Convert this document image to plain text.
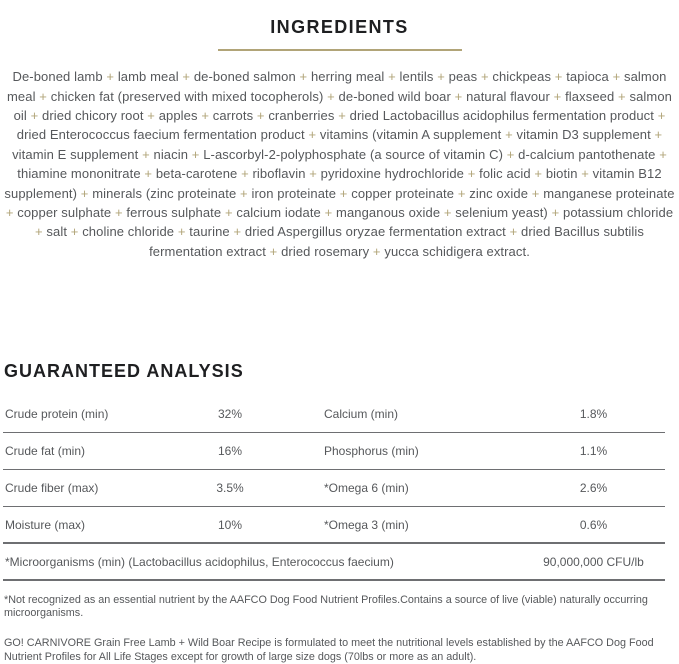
INGREDIENTS

De-boned lamb + lamb meal + de-boned salmon + herring meal + lentils + peas + chickpeas + tapioca + salmon meal + chicken fat (preserved with mixed tocopherols) + de-boned wild boar + natural flavour + flaxseed + salmon oil + dried chicory root + apples + carrots + cranberries + dried Lactobacillus acidophilus fermentation product + dried Enterococcus faecium fermentation product + vitamins (vitamin A supplement + vitamin D3 supplement + vitamin E supplement + niacin + L-ascorbyl-2-polyphosphate (a source of vitamin C) + d-calcium pantothenate + thiamine mononitrate + beta-carotene + riboflavin + pyridoxine hydrochloride + folic acid + biotin + vitamin B12 supplement) + minerals (zinc proteinate + iron proteinate + copper proteinate + zinc oxide + manganese proteinate + copper sulphate + ferrous sulphate + calcium iodate + manganous oxide + selenium yeast) + potassium chloride + salt + choline chloride + taurine + dried Aspergillus oryzae fermentation extract + dried Bacillus subtilis fermentation extract + dried rosemary + yucca schidigera extract.

GUARANTEED ANALYSIS
Crude protein (min)	32%	Calcium (min)	1.8%
Crude fat (min)	16%	Phosphorus (min)	1.1%
Crude fiber (max)	3.5%	*Omega 6 (min)	2.6%
Moisture (max)	10%	*Omega 3 (min)	0.6%
*Microorganisms (min) (Lactobacillus acidophilus, Enterococcus faecium)	90,000,000 CFU/lb

*Not recognized as an essential nutrient by the AAFCO Dog Food Nutrient Profiles.Contains a source of live (viable) naturally occurring microorganisms.

GO! CARNIVORE Grain Free Lamb + Wild Boar Recipe is formulated to meet the nutritional levels established by the AAFCO Dog Food Nutrient Profiles for All Life Stages except for growth of large size dogs (70lbs or more as an adult).
